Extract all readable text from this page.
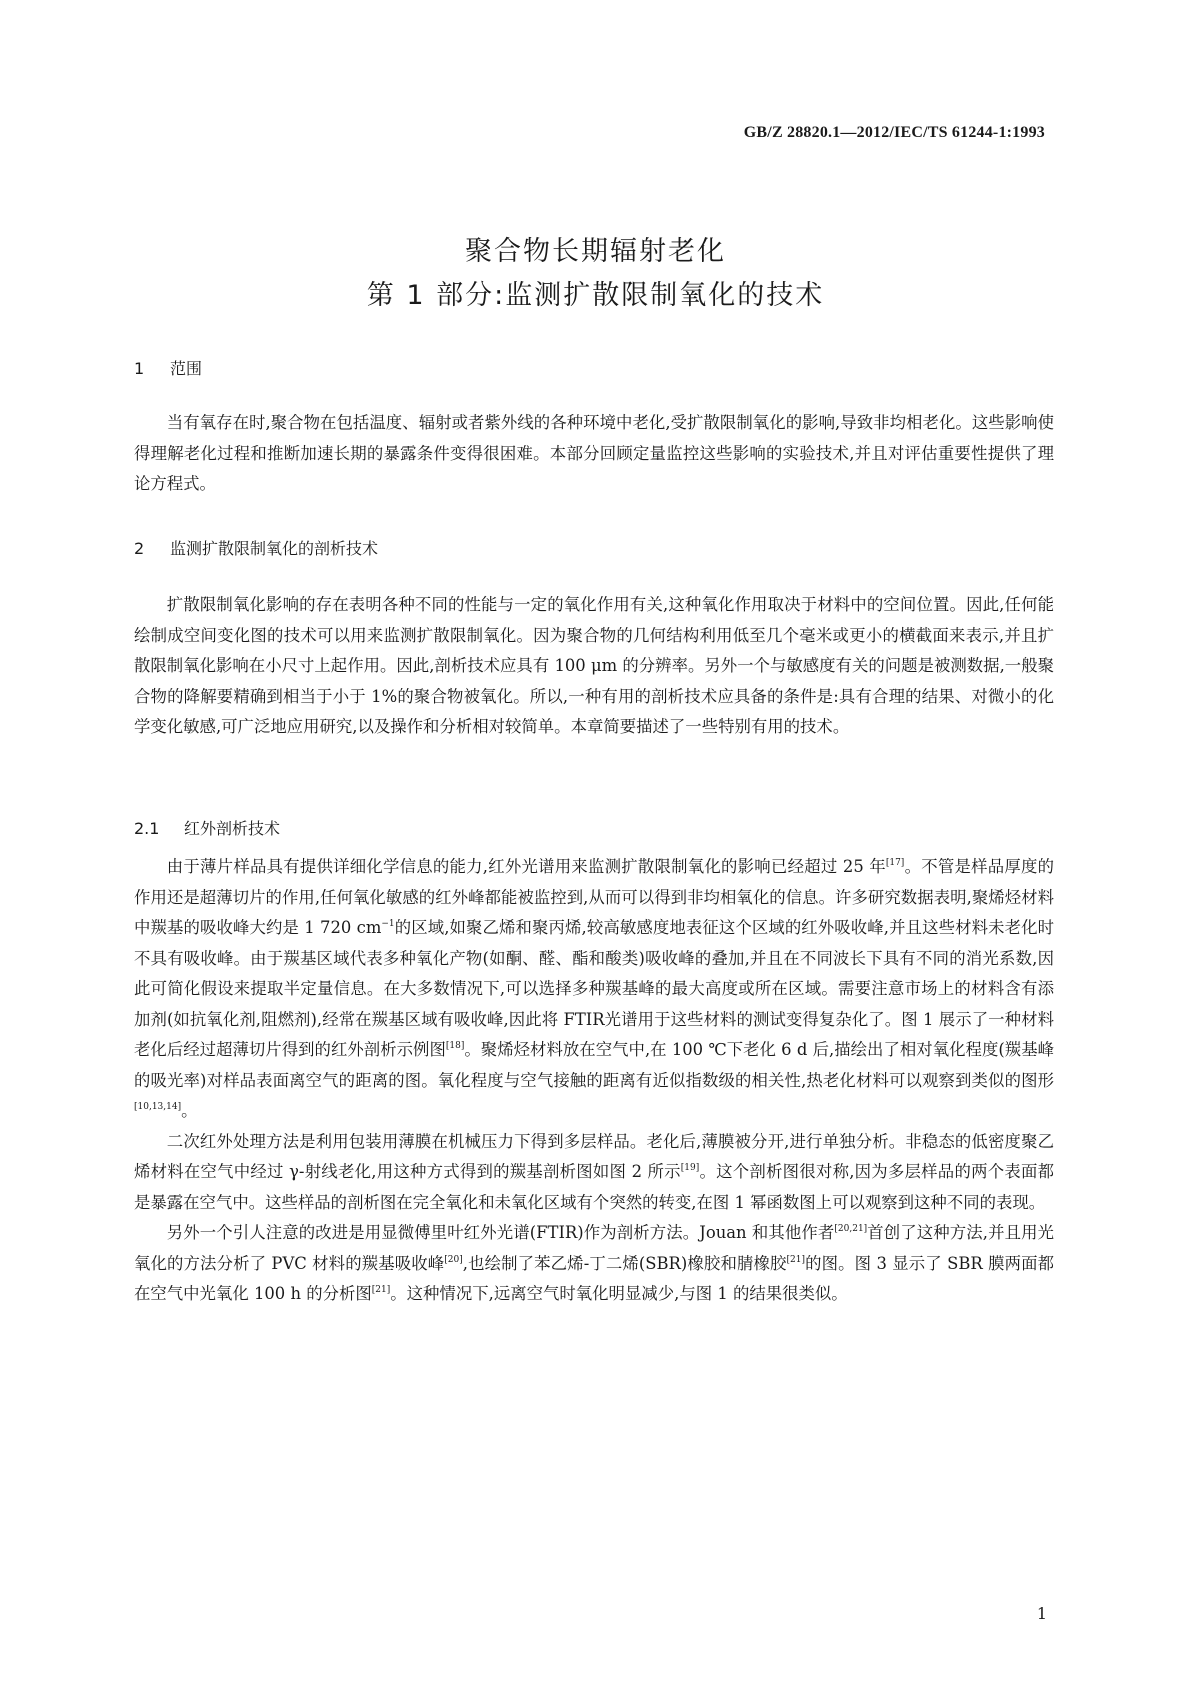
GB/Z 28820.1—2012/IEC/TS 61244-1:1993
聚合物长期辐射老化
第 1 部分:监测扩散限制氧化的技术
1 范围

当有氧存在时,聚合物在包括温度、辐射或者紫外线的各种环境中老化,受扩散限制氧化的影响,导致非均相老化。这些影响使得理解老化过程和推断加速长期的暴露条件变得很困难。本部分回顾定量监控这些影响的实验技术,并且对评估重要性提供了理论方程式。

2 监测扩散限制氧化的剖析技术

扩散限制氧化影响的存在表明各种不同的性能与一定的氧化作用有关,这种氧化作用取决于材料中的空间位置。因此,任何能绘制成空间变化图的技术可以用来监测扩散限制氧化。因为聚合物的几何结构利用低至几个毫米或更小的横截面来表示,并且扩散限制氧化影响在小尺寸上起作用。因此,剖析技术应具有 100 μm 的分辨率。另外一个与敏感度有关的问题是被测数据,一般聚合物的降解要精确到相当于小于 1%的聚合物被氧化。所以,一种有用的剖析技术应具备的条件是:具有合理的结果、对微小的化学变化敏感,可广泛地应用研究,以及操作和分析相对较简单。本章简要描述了一些特别有用的技术。

2.1 红外剖析技术

由于薄片样品具有提供详细化学信息的能力,红外光谱用来监测扩散限制氧化的影响已经超过 25 年[17]。不管是样品厚度的作用还是超薄切片的作用,任何氧化敏感的红外峰都能被监控到,从而可以得到非均相氧化的信息。许多研究数据表明,聚烯烃材料中羰基的吸收峰大约是 1 720 cm$^{-1}$的区域,如聚乙烯和聚丙烯,较高敏感度地表征这个区域的红外吸收峰,并且这些材料未老化时不具有吸收峰。由于羰基区域代表多种氧化产物(如酮、醛、酯和酸类)吸收峰的叠加,并且在不同波长下具有不同的消光系数,因此可简化假设来提取半定量信息。在大多数情况下,可以选择多种羰基峰的最大高度或所在区域。需要注意市场上的材料含有添加剂(如抗氧化剂,阻燃剂),经常在羰基区域有吸收峰,因此将 FTIR光谱用于这些材料的测试变得复杂化了。图 1 展示了一种材料老化后经过超薄切片得到的红外剖析示例图[18]。聚烯烃材料放在空气中,在 100 ℃下老化 6 d 后,描绘出了相对氧化程度(羰基峰的吸光率)对样品表面离空气的距离的图。氧化程度与空气接触的距离有近似指数级的相关性,热老化材料可以观察到类似的图形[10,13,14]。

二次红外处理方法是利用包装用薄膜在机械压力下得到多层样品。老化后,薄膜被分开,进行单独分析。非稳态的低密度聚乙烯材料在空气中经过 γ-射线老化,用这种方式得到的羰基剖析图如图 2 所示[19]。这个剖析图很对称,因为多层样品的两个表面都是暴露在空气中。这些样品的剖析图在完全氧化和未氧化区域有个突然的转变,在图 1 幂函数图上可以观察到这种不同的表现。

另外一个引人注意的改进是用显微傅里叶红外光谱(FTIR)作为剖析方法。Jouan 和其他作者[20,21]首创了这种方法,并且用光氧化的方法分析了 PVC 材料的羰基吸收峰[20],也绘制了苯乙烯-丁二烯(SBR)橡胶和腈橡胶[21]的图。图 3 显示了 SBR 膜两面都在空气中光氧化 100 h 的分析图[21]。这种情况下,远离空气时氧化明显减少,与图 1 的结果很类似。

1
